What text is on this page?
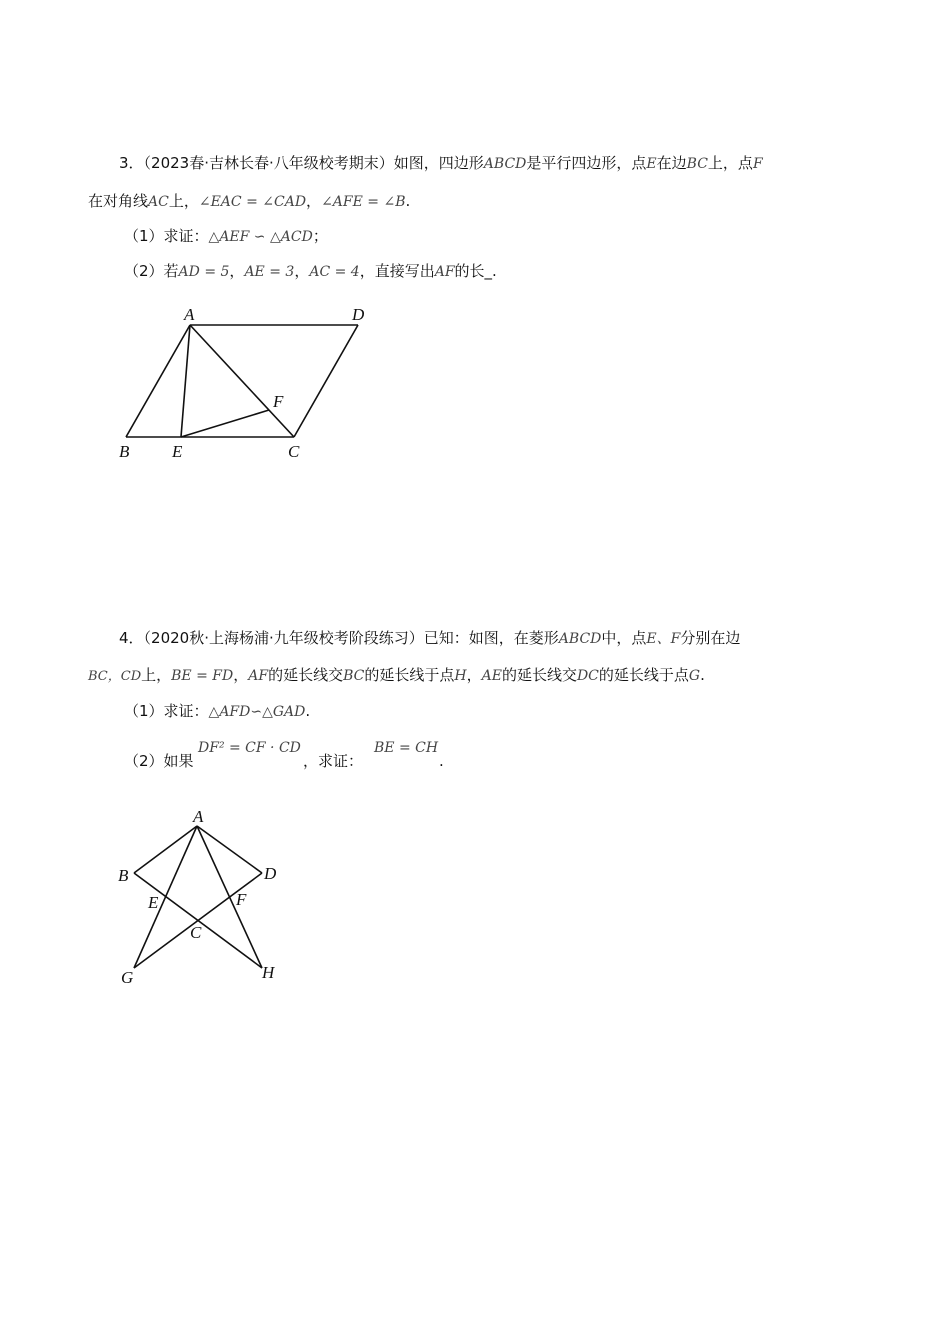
3．（2023春·吉林长春·八年级校考期末）如图，四边形ABCD是平行四边形，点E在边BC上，点F
在对角线AC上，∠EAC = ∠CAD，∠AFE = ∠B.
（1）求证：△AEF ∽ △ACD；
（2）若AD = 5，AE = 3，AC = 4，直接写出AF的长_.
A	D
F
B	E	C
4．（2020秋·上海杨浦·九年级校考阶段练习）已知：如图，在菱形ABCD中，点E、F分别在边
BC，CD上，BE = FD，AF的延长线交BC的延长线于点H，AE的延长线交DC的延长线于点G.
（1）求证：△AFD∽△GAD.
（2）如果
DF² = CF · CD
，求证：
BE = CH
.
A
B	D
E	F
C
G	H
